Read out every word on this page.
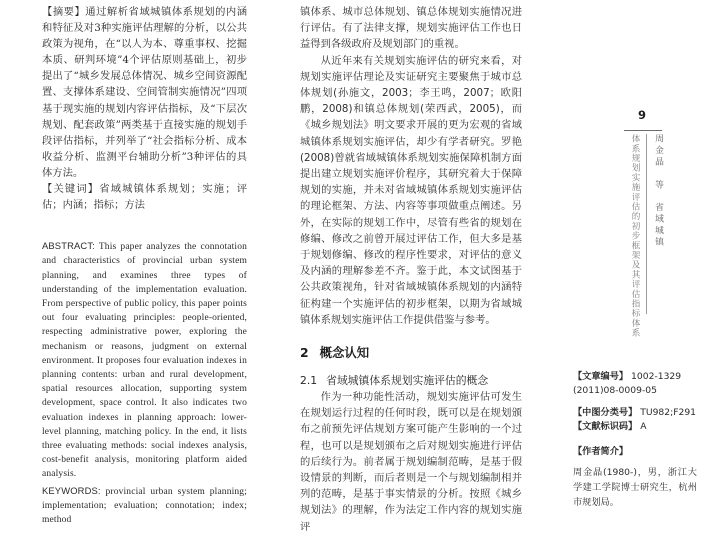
【摘要】通过解析省域城镇体系规划的内涵和特征及对3种实施评估理解的分析，以公共政策为视角，在“以人为本、尊重事权、挖掘本质、研判环境”4个评估原则基础上，初步提出了“城乡发展总体情况、城乡空间资源配置、支撑体系建设、空间管制实施情况”四项基于现实施的规划内容评估指标，及“下层次规划、配套政策”两类基于直接实施的规划手段评估指标，并列举了“社会指标分析、成本收益分析、监测平台辅助分析”3种评估的具体方法。

【关键词】省域城镇体系规划；实施；评估；内涵；指标；方法

ABSTRACT: This paper analyzes the connotation and characteristics of provincial urban system planning, and examines three types of understanding of the implementation evaluation. From perspective of public policy, this paper points out four evaluating principles: people-oriented, respecting administrative power, exploring the mechanism or reasons, judgment on external environment. It proposes four evaluation indexes in planning contents: urban and rural development, spatial resources allocation, supporting system development, space control. It also indicates two evaluation indexes in planning approach: lower-level planning, matching policy. In the end, it lists three evaluating methods: social indexes analysis, cost-benefit analysis, monitoring platform aided analysis.

KEYWORDS: provincial urban system planning; implementation; evaluation; connotation; index; method

镇体系、城市总体规划、镇总体规划实施情况进行评估。有了法律支撑，规划实施评估工作也日益得到各级政府及规划部门的重视。

从近年来有关规划实施评估的研究来看，对规划实施评估理论及实证研究主要聚焦于城市总体规划(孙施文，2003；李王鸣，2007；欧阳鹏，2008)和镇总体规划(荣西武，2005)，而《城乡规划法》明文要求开展的更为宏观的省域城镇体系规划实施评估，却少有学者研究。罗艳(2008)曾就省域城镇体系规划实施保障机制方面提出建立规划实施评价程序，其研究着大于保障规划的实施，并未对省域城镇体系规划实施评估的理论框架、方法、内容等事项做重点阐述。另外，在实际的规划工作中，尽管有些省的规划在修编、修改之前曾开展过评估工作，但大多是基于规划修编、修改的程序性要求，对评估的意义及内涵的理解参差不齐。鉴于此，本文试图基于公共政策视角，针对省域城镇体系规划的内涵特征构建一个实施评估的初步框架，以期为省域城镇体系规划实施评估工作提供借鉴与参考。

2 概念认知

2.1 省域城镇体系规划实施评估的概念

作为一种功能性活动，规划实施评估可发生在规划运行过程的任何时段，既可以是在规划颁布之前预先评估规划方案可能产生影响的一个过程，也可以是规划颁布之后对规划实施进行评估的后续行为。前者属于规划编制范畴，是基于假设情景的判断，而后者则是一个与规划编制相并列的范畴，是基于事实情景的分析。按照《城乡规划法》的理解，作为法定工作内容的规划实施评

【文章编号】 1002-1329

(2011)08-0009-05

【中图分类号】 TU982;F291

【文献标识码】 A

【作者简介】

周金晶(1980-)，男，浙江大学建工学院博士研究生，杭州市规划局。

9
周金晶　等　省域城镇
体系规划实施评估的初步框架及其评估指标体系
